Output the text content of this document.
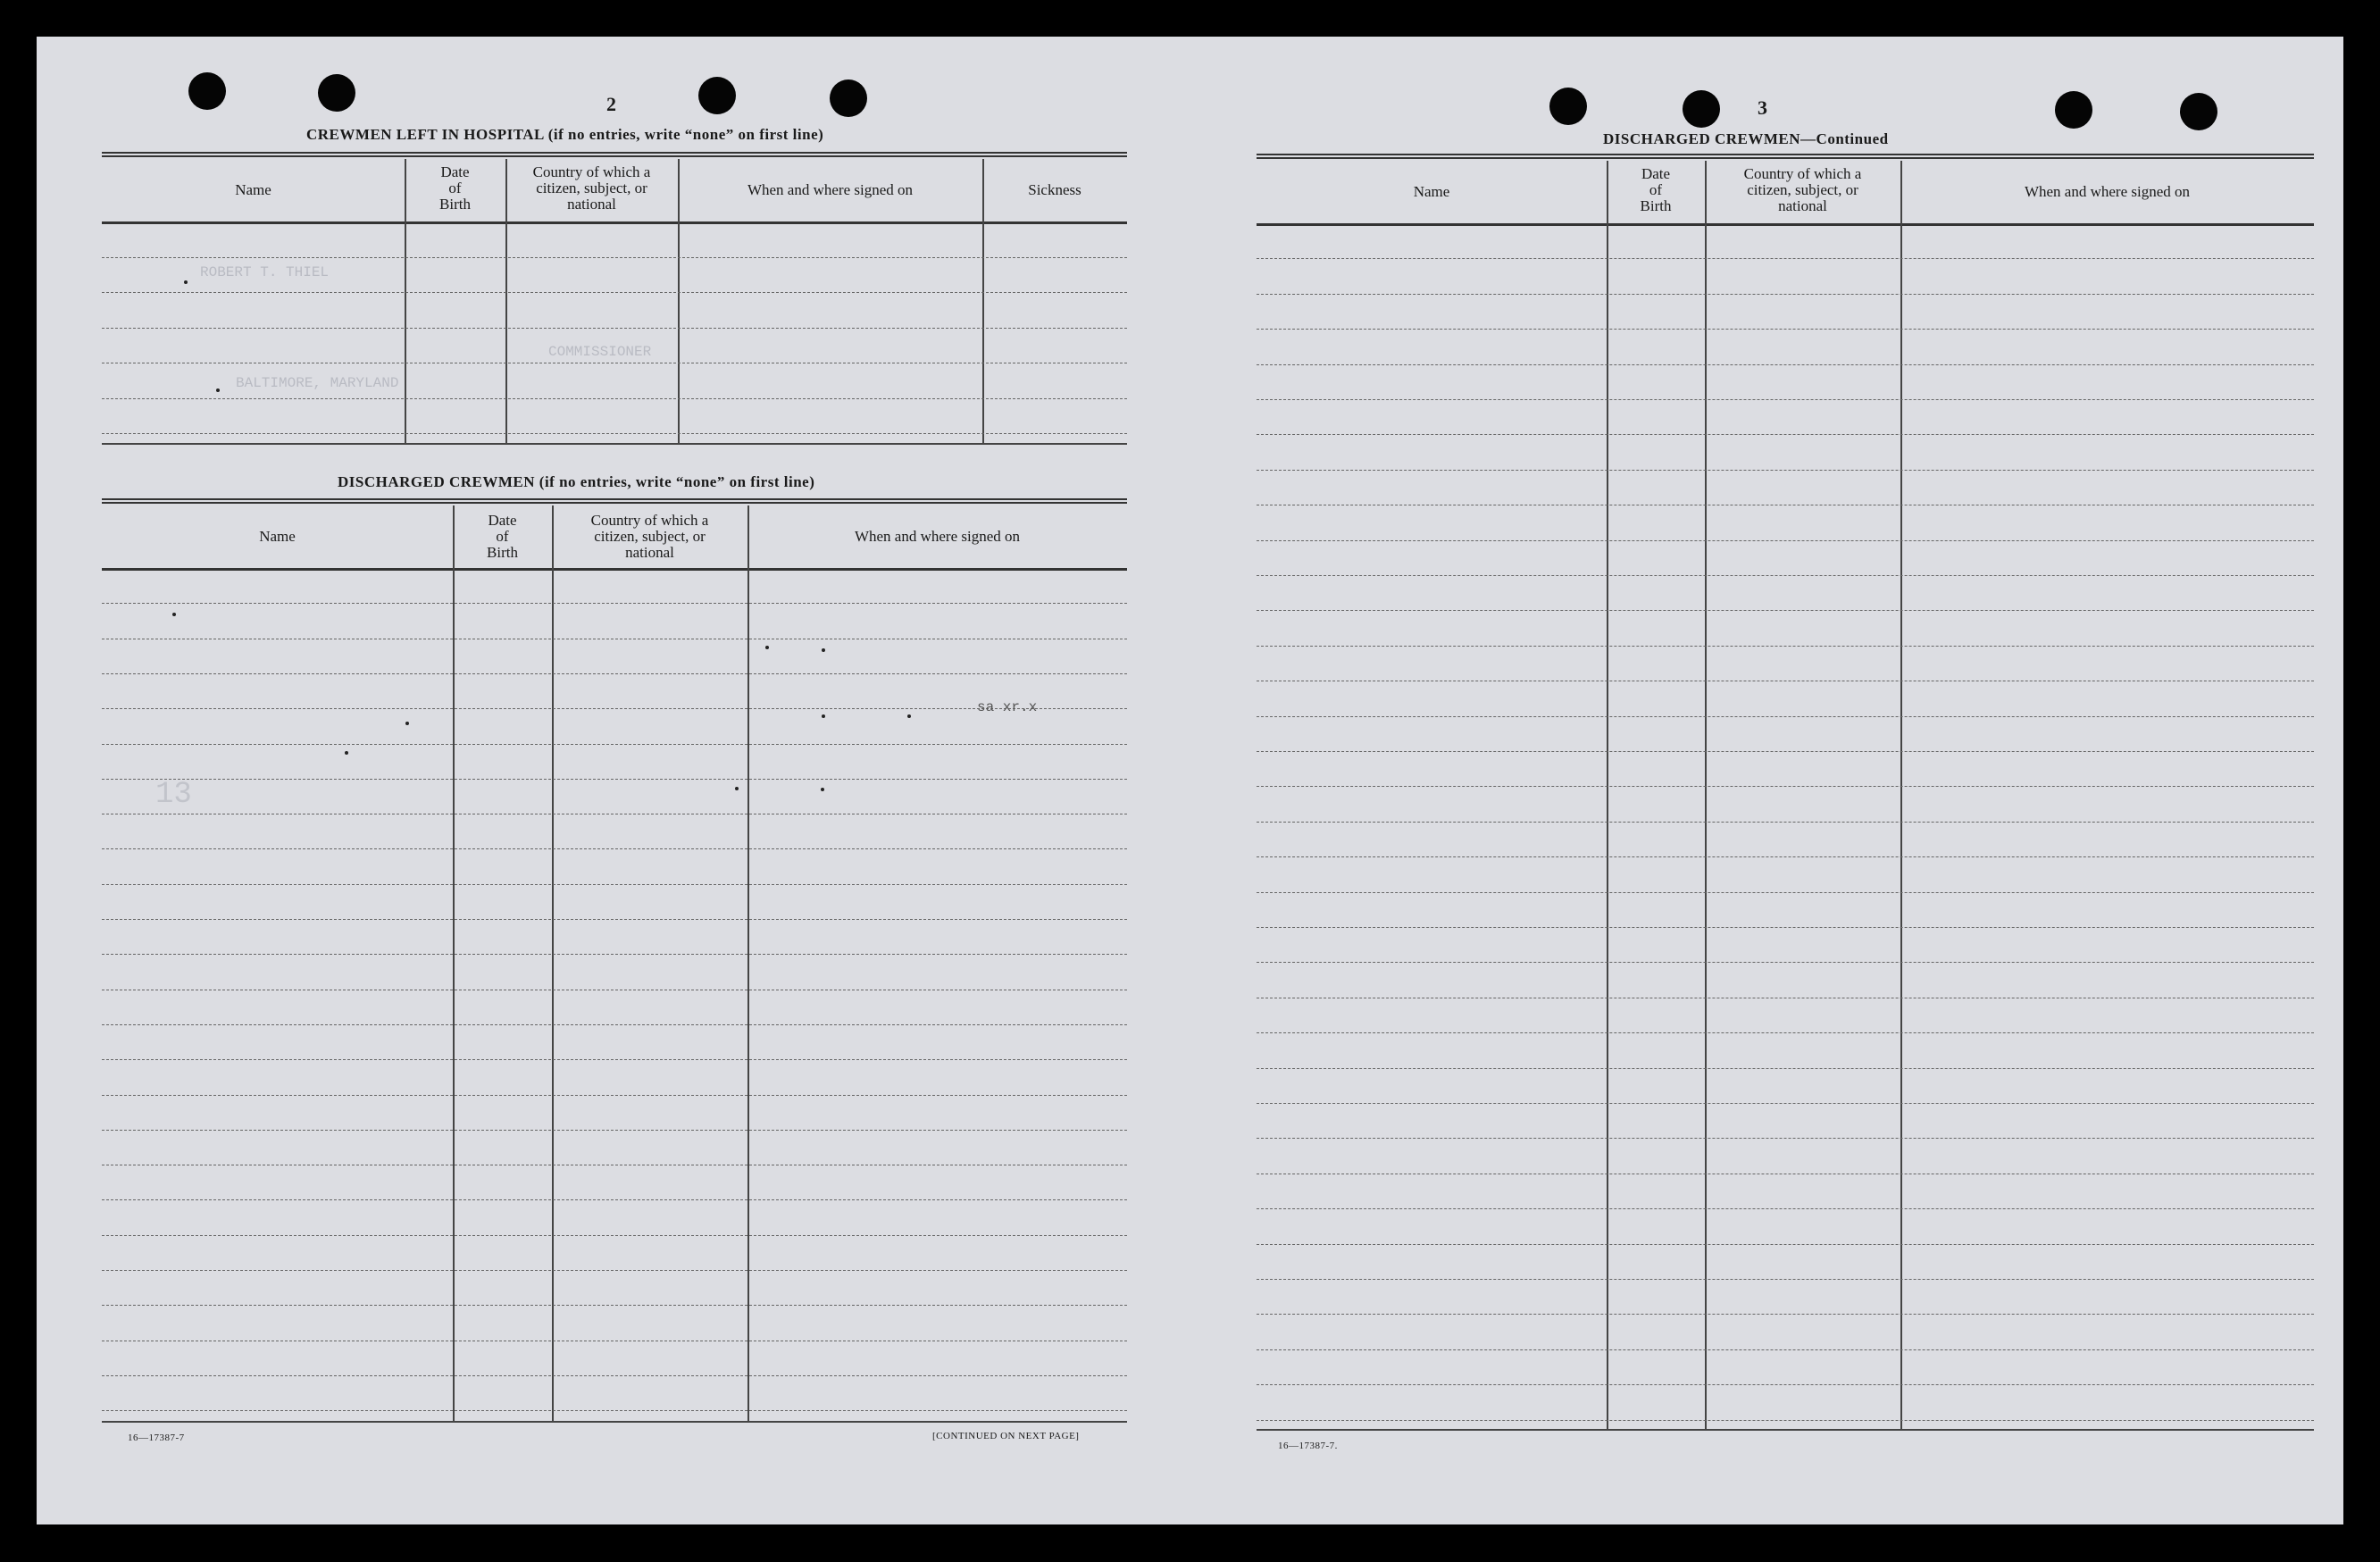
2
CREWMEN LEFT IN HOSPITAL (if no entries, write “none” on first line)
Name
Date
of
Birth
Country of which a
citizen, subject, or
national
When and where signed on	Sickness
ROBERT T. THIEL
BALTIMORE, MARYLAND
COMMISSIONER
DISCHARGED CREWMEN (if no entries, write “none” on first line)
Name
Date
of
Birth
Country of which a
citizen, subject, or
national
When and where signed on
sa xr.x
13
16—17387-7	[CONTINUED ON NEXT PAGE]
3
DISCHARGED CREWMEN—Continued
Name
Date
of
Birth
Country of which a
citizen, subject, or
national
When and where signed on
16—17387-7.
